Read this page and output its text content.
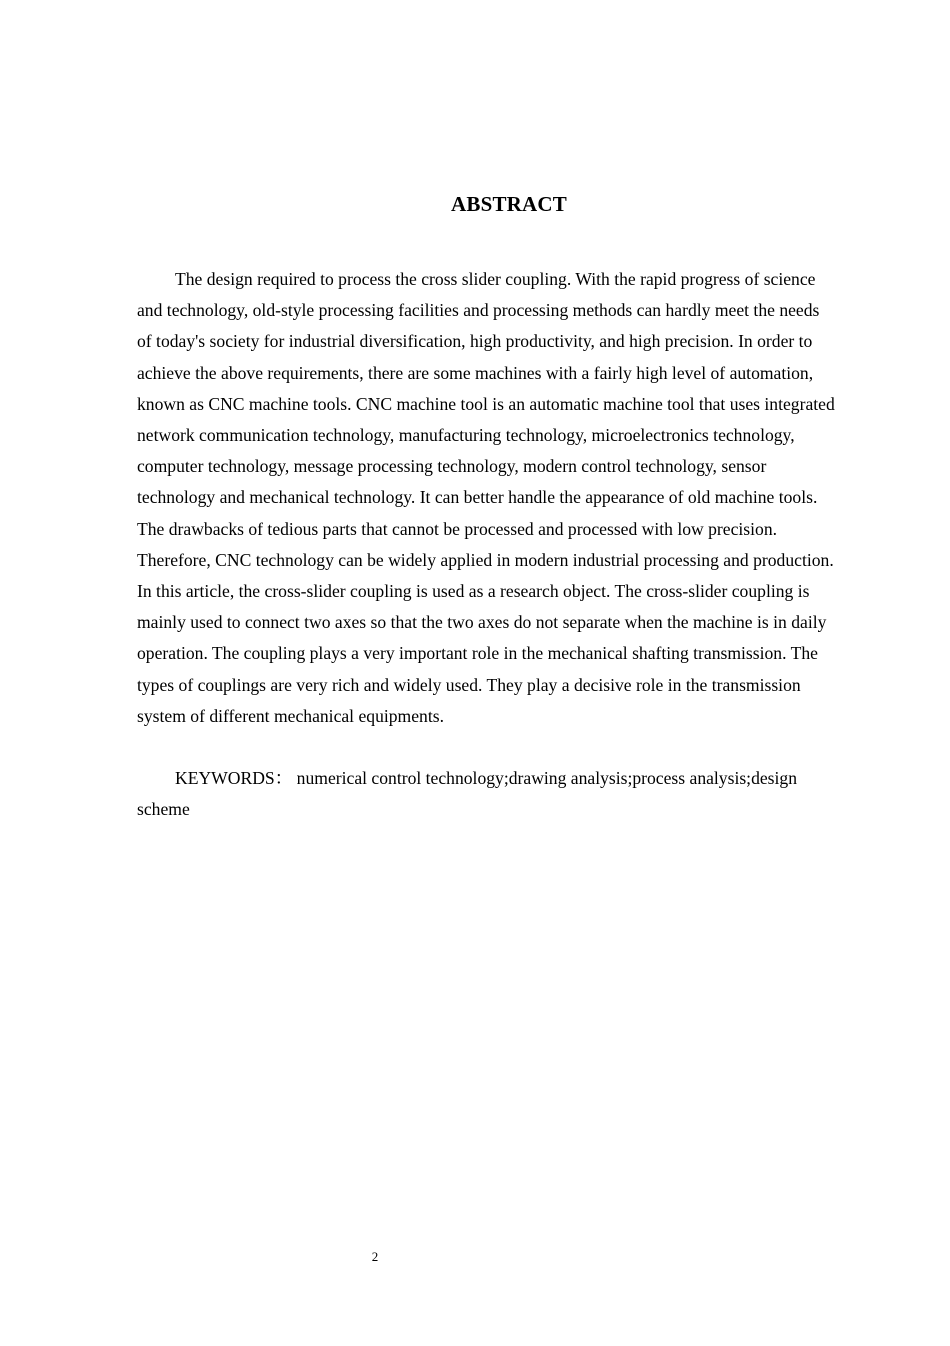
ABSTRACT

The design required to process the cross slider coupling. With the rapid progress of science and technology, old-style processing facilities and processing methods can hardly meet the needs of today's society for industrial diversification, high productivity, and high precision. In order to achieve the above requirements, there are some machines with a fairly high level of automation, known as CNC machine tools. CNC machine tool is an automatic machine tool that uses integrated network communication technology, manufacturing technology, microelectronics technology, computer technology, message processing technology, modern control technology, sensor technology and mechanical technology. It can better handle the appearance of old machine tools. The drawbacks of tedious parts that cannot be processed and processed with low precision. Therefore, CNC technology can be widely applied in modern industrial processing and production.

In this article, the cross-slider coupling is used as a research object. The cross-slider coupling is mainly used to connect two axes so that the two axes do not separate when the machine is in daily operation. The coupling plays a very important role in the mechanical shafting transmission. The types of couplings are very rich and widely used. They play a decisive role in the transmission system of different mechanical equipments.

KEYWORDS： numerical control technology;drawing analysis;process analysis;design scheme

2
